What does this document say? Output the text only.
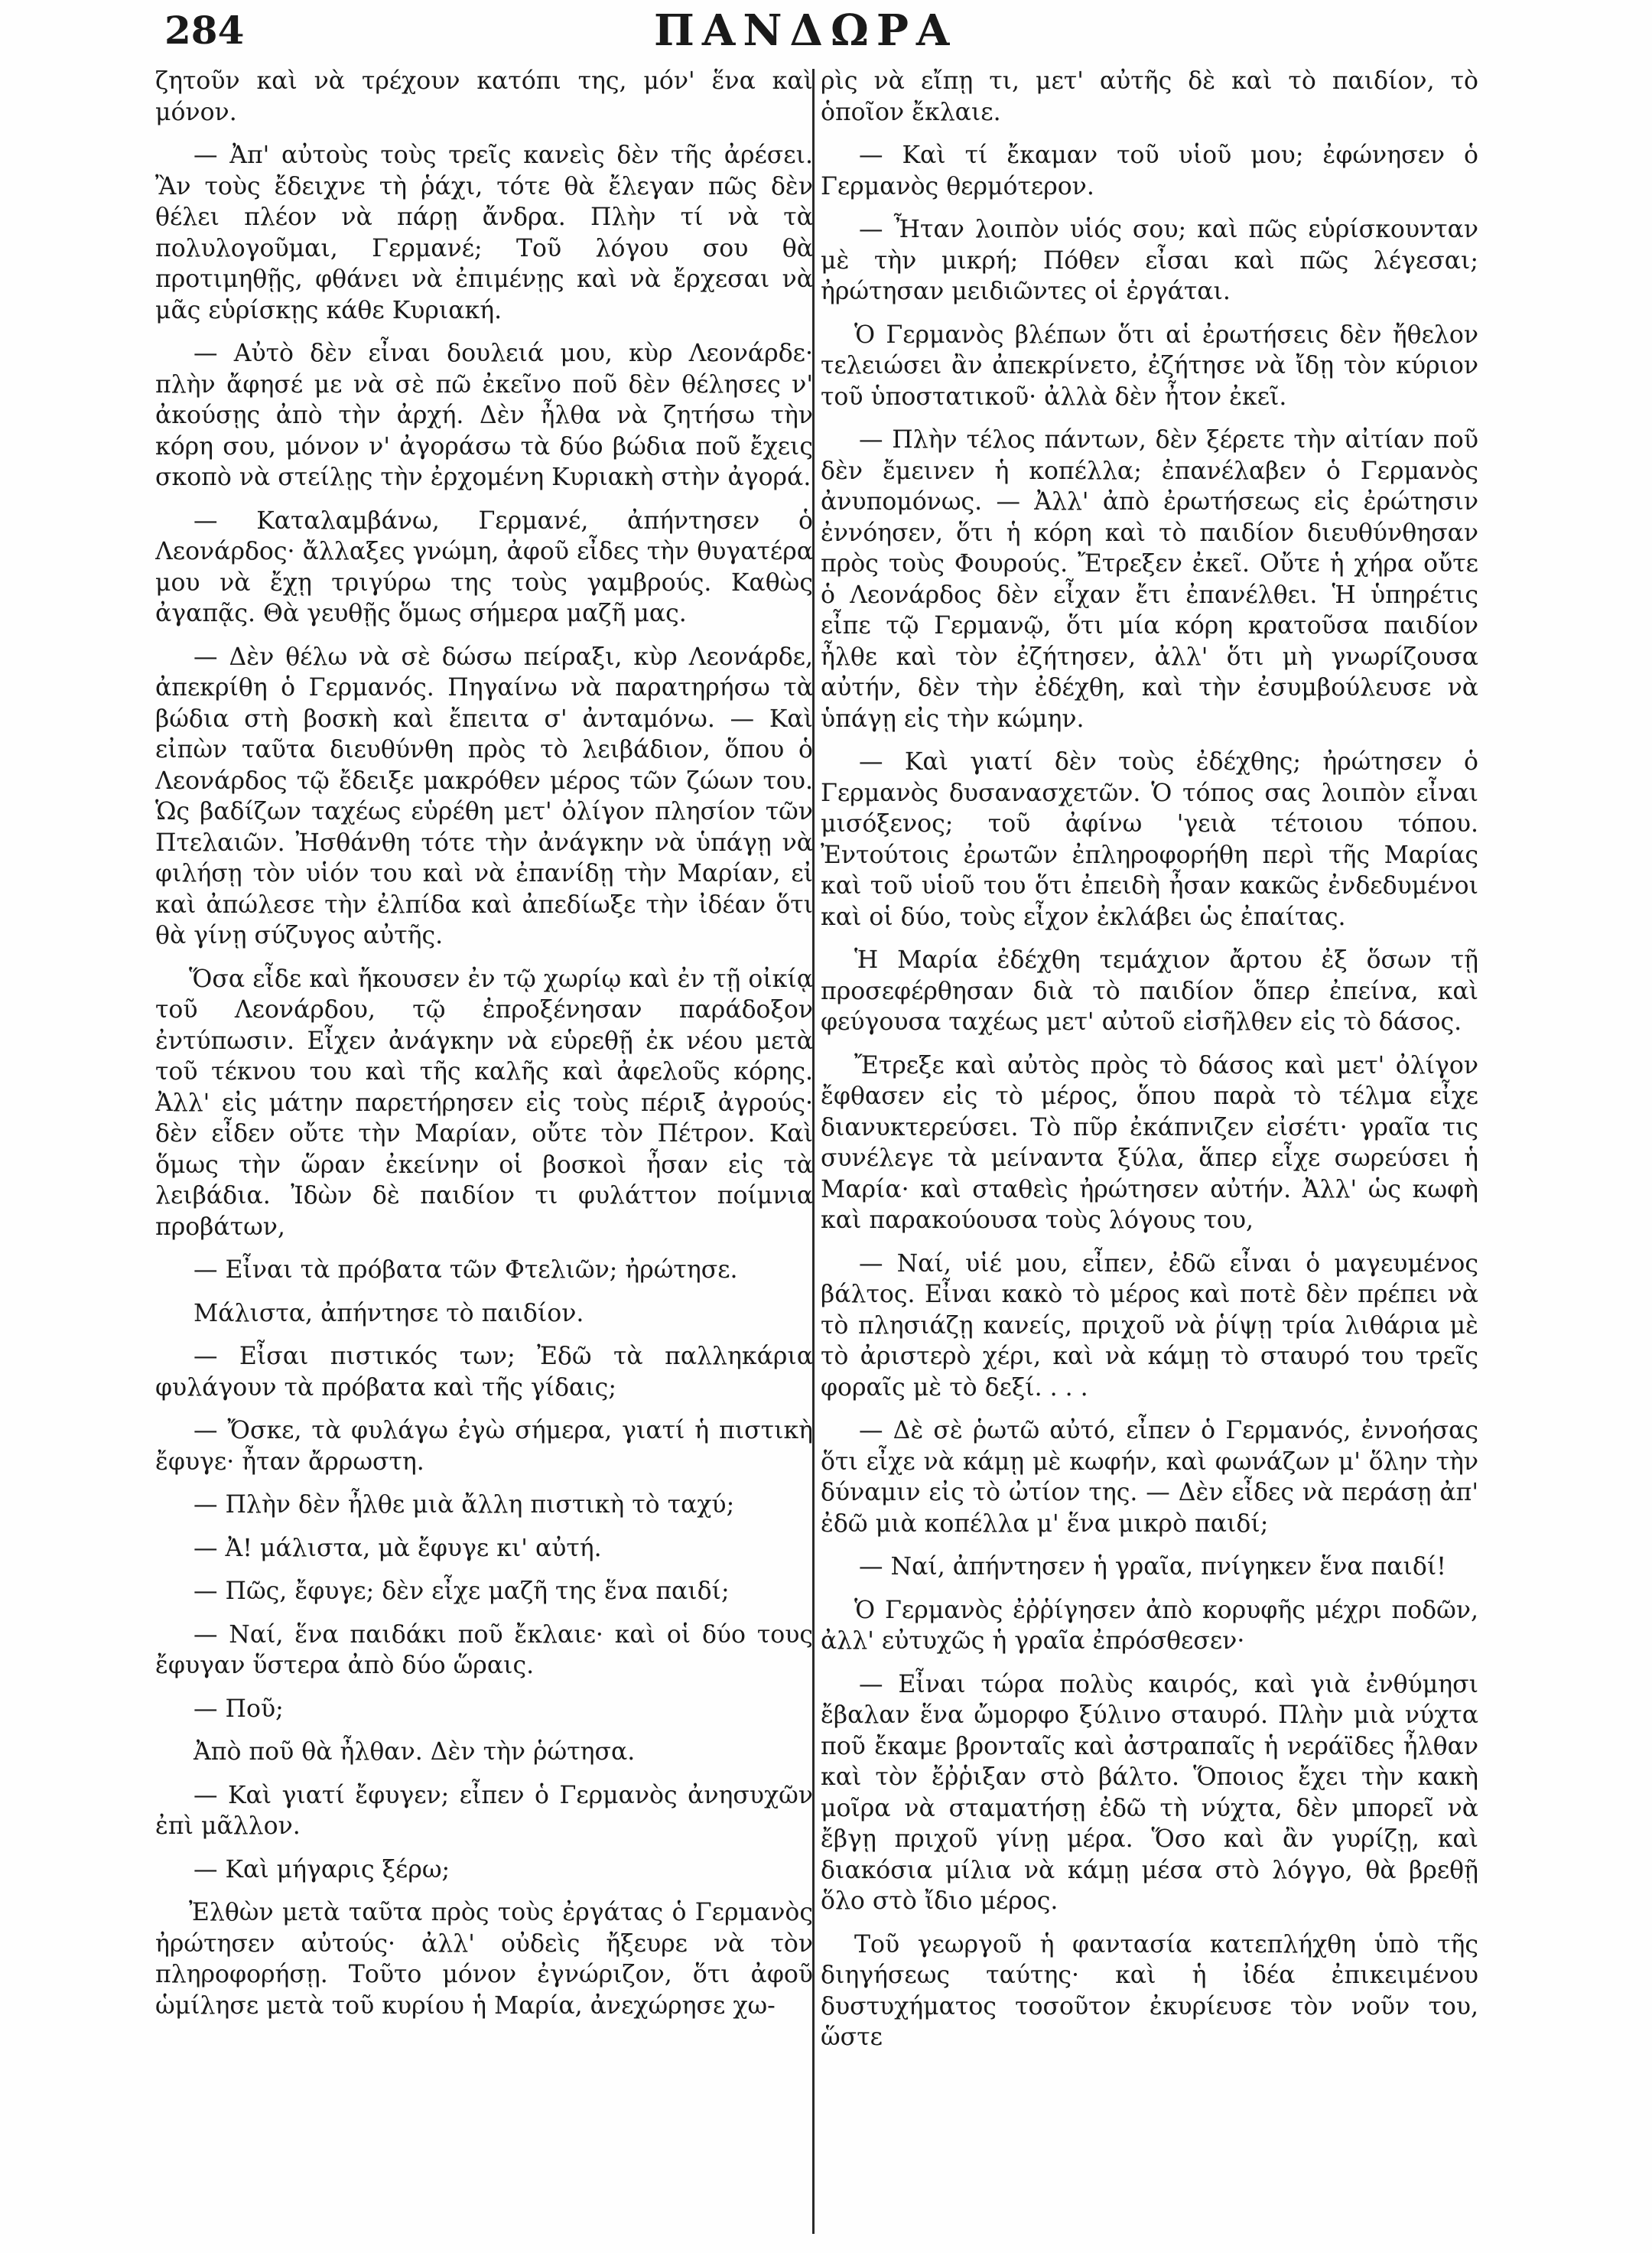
284	ΠΑΝΔΩΡΑ

ζητοῦν καὶ νὰ τρέχουν κατόπι της, μόν' ἕνα καὶ μόνον.

— Ἀπ' αὐτοὺς τοὺς τρεῖς κανεὶς δὲν τῆς ἀρέσει. Ἂν τοὺς ἔδειχνε τὴ ῥάχι, τότε θὰ ἔλεγαν πῶς δὲν θέλει πλέον νὰ πάρῃ ἄνδρα. Πλὴν τί νὰ τὰ πολυλογοῦμαι, Γερμανέ; Τοῦ λόγου σου θὰ προτιμηθῇς, φθάνει νὰ ἐπιμένῃς καὶ νὰ ἔρχεσαι νὰ μᾶς εὑρίσκῃς κάθε Κυριακή.

— Αὐτὸ δὲν εἶναι δουλειά μου, κὺρ Λεονάρδε· πλὴν ἄφησέ με νὰ σὲ πῶ ἐκεῖνο ποῦ δὲν θέλησες ν' ἀκούσῃς ἀπὸ τὴν ἀρχή. Δὲν ἦλθα νὰ ζητήσω τὴν κόρη σου, μόνον ν' ἀγοράσω τὰ δύο βώδια ποῦ ἔχεις σκοπὸ νὰ στείλῃς τὴν ἐρχομένη Κυριακὴ στὴν ἀγορά.

— Καταλαμβάνω, Γερμανέ, ἀπήντησεν ὁ Λεονάρδος· ἄλλαξες γνώμη, ἀφοῦ εἶδες τὴν θυγατέρα μου νὰ ἔχῃ τριγύρω της τοὺς γαμβρούς. Καθὼς ἀγαπᾷς. Θὰ γευθῇς ὅμως σήμερα μαζῆ μας.

— Δὲν θέλω νὰ σὲ δώσω πείραξι, κὺρ Λεονάρδε, ἀπεκρίθη ὁ Γερμανός. Πηγαίνω νὰ παρατηρήσω τὰ βώδια στὴ βοσκὴ καὶ ἔπειτα σ' ἀνταμόνω. — Καὶ εἰπὼν ταῦτα διευθύνθη πρὸς τὸ λειβάδιον, ὅπου ὁ Λεονάρδος τῷ ἔδειξε μακρόθεν μέρος τῶν ζώων του. Ὡς βαδίζων ταχέως εὑρέθη μετ' ὀλίγον πλησίον τῶν Πτελαιῶν. Ἠσθάνθη τότε τὴν ἀνάγκην νὰ ὑπάγῃ νὰ φιλήσῃ τὸν υἱόν του καὶ νὰ ἐπανίδῃ τὴν Μαρίαν, εἰ καὶ ἀπώλεσε τὴν ἐλπίδα καὶ ἀπεδίωξε τὴν ἰδέαν ὅτι θὰ γίνῃ σύζυγος αὐτῆς.

Ὅσα εἶδε καὶ ἤκουσεν ἐν τῷ χωρίῳ καὶ ἐν τῇ οἰκίᾳ τοῦ Λεονάρδου, τῷ ἐπροξένησαν παράδοξον ἐντύπωσιν. Εἶχεν ἀνάγκην νὰ εὑρεθῇ ἐκ νέου μετὰ τοῦ τέκνου του καὶ τῆς καλῆς καὶ ἀφελοῦς κόρης. Ἀλλ' εἰς μάτην παρετήρησεν εἰς τοὺς πέριξ ἀγρούς· δὲν εἶδεν οὔτε τὴν Μαρίαν, οὔτε τὸν Πέτρον. Καὶ ὅμως τὴν ὥραν ἐκείνην οἱ βοσκοὶ ἦσαν εἰς τὰ λειβάδια. Ἰδὼν δὲ παιδίον τι φυλάττον ποίμνια προβάτων,

— Εἶναι τὰ πρόβατα τῶν Φτελιῶν; ἠρώτησε.

Μάλιστα, ἀπήντησε τὸ παιδίον.

— Εἶσαι πιστικός των; Ἐδῶ τὰ παλληκάρια φυλάγουν τὰ πρόβατα καὶ τῆς γίδαις;

— Ὄσκε, τὰ φυλάγω ἐγὼ σήμερα, γιατί ἡ πιστικὴ ἔφυγε· ἦταν ἄρρωστη.

— Πλὴν δὲν ἦλθε μιὰ ἄλλη πιστικὴ τὸ ταχύ;

— Ἀ! μάλιστα, μὰ ἔφυγε κι' αὐτή.

— Πῶς, ἔφυγε; δὲν εἶχε μαζῆ της ἕνα παιδί;

— Ναί, ἕνα παιδάκι ποῦ ἔκλαιε· καὶ οἱ δύο τους ἔφυγαν ὕστερα ἀπὸ δύο ὥραις.

— Ποῦ;

Ἀπὸ ποῦ θὰ ἦλθαν. Δὲν τὴν ῥώτησα.

— Καὶ γιατί ἔφυγεν; εἶπεν ὁ Γερμανὸς ἀνησυχῶν ἐπὶ μᾶλλον.

— Καὶ μήγαρις ξέρω;

Ἐλθὼν μετὰ ταῦτα πρὸς τοὺς ἐργάτας ὁ Γερμανὸς ἠρώτησεν αὐτούς· ἀλλ' οὐδεὶς ἤξευρε νὰ τὸν πληροφορήσῃ. Τοῦτο μόνον ἐγνώριζον, ὅτι ἀφοῦ ὡμίλησε μετὰ τοῦ κυρίου ἡ Μαρία, ἀνεχώρησε χω-

ρὶς νὰ εἴπῃ τι, μετ' αὐτῆς δὲ καὶ τὸ παιδίον, τὸ ὁποῖον ἔκλαιε.

— Καὶ τί ἔκαμαν τοῦ υἱοῦ μου; ἐφώνησεν ὁ Γερμανὸς θερμότερον.

— Ἦταν λοιπὸν υἱός σου; καὶ πῶς εὑρίσκουνταν μὲ τὴν μικρή; Πόθεν εἶσαι καὶ πῶς λέγεσαι; ἠρώτησαν μειδιῶντες οἱ ἐργάται.

Ὁ Γερμανὸς βλέπων ὅτι αἱ ἐρωτήσεις δὲν ἤθελον τελειώσει ἂν ἀπεκρίνετο, ἐζήτησε νὰ ἴδῃ τὸν κύριον τοῦ ὑποστατικοῦ· ἀλλὰ δὲν ἦτον ἐκεῖ.

— Πλὴν τέλος πάντων, δὲν ξέρετε τὴν αἰτίαν ποῦ δὲν ἔμεινεν ἡ κοπέλλα; ἐπανέλαβεν ὁ Γερμανὸς ἀνυπομόνως. — Ἀλλ' ἀπὸ ἐρωτήσεως εἰς ἐρώτησιν ἐννόησεν, ὅτι ἡ κόρη καὶ τὸ παιδίον διευθύνθησαν πρὸς τοὺς Φουρούς. Ἔτρεξεν ἐκεῖ. Οὔτε ἡ χήρα οὔτε ὁ Λεονάρδος δὲν εἶχαν ἔτι ἐπανέλθει. Ἡ ὑπηρέτις εἶπε τῷ Γερμανῷ, ὅτι μία κόρη κρατοῦσα παιδίον ἦλθε καὶ τὸν ἐζήτησεν, ἀλλ' ὅτι μὴ γνωρίζουσα αὐτήν, δὲν τὴν ἐδέχθη, καὶ τὴν ἐσυμβούλευσε νὰ ὑπάγῃ εἰς τὴν κώμην.

— Καὶ γιατί δὲν τοὺς ἐδέχθης; ἠρώτησεν ὁ Γερμανὸς δυσανασχετῶν. Ὁ τόπος σας λοιπὸν εἶναι μισόξενος; τοῦ ἀφίνω 'γειὰ τέτοιου τόπου. Ἐντούτοις ἐρωτῶν ἐπληροφορήθη περὶ τῆς Μαρίας καὶ τοῦ υἱοῦ του ὅτι ἐπειδὴ ἦσαν κακῶς ἐνδεδυμένοι καὶ οἱ δύο, τοὺς εἶχον ἐκλάβει ὡς ἐπαίτας.

Ἡ Μαρία ἐδέχθη τεμάχιον ἄρτου ἐξ ὅσων τῇ προσεφέρθησαν διὰ τὸ παιδίον ὅπερ ἐπείνα, καὶ φεύγουσα ταχέως μετ' αὐτοῦ εἰσῆλθεν εἰς τὸ δάσος.

Ἔτρεξε καὶ αὐτὸς πρὸς τὸ δάσος καὶ μετ' ὀλίγον ἔφθασεν εἰς τὸ μέρος, ὅπου παρὰ τὸ τέλμα εἶχε διανυκτερεύσει. Τὸ πῦρ ἐκάπνιζεν εἰσέτι· γραῖα τις συνέλεγε τὰ μείναντα ξύλα, ἅπερ εἶχε σωρεύσει ἡ Μαρία· καὶ σταθεὶς ἠρώτησεν αὐτήν. Ἀλλ' ὡς κωφὴ καὶ παρακούουσα τοὺς λόγους του,

— Ναί, υἱέ μου, εἶπεν, ἐδῶ εἶναι ὁ μαγευμένος βάλτος. Εἶναι κακὸ τὸ μέρος καὶ ποτὲ δὲν πρέπει νὰ τὸ πλησιάζῃ κανείς, πριχοῦ νὰ ῥίψῃ τρία λιθάρια μὲ τὸ ἀριστερὸ χέρι, καὶ νὰ κάμῃ τὸ σταυρό του τρεῖς φοραῖς μὲ τὸ δεξί. . . .

— Δὲ σὲ ῥωτῶ αὐτό, εἶπεν ὁ Γερμανός, ἐννοήσας ὅτι εἶχε νὰ κάμῃ μὲ κωφήν, καὶ φωνάζων μ' ὅλην τὴν δύναμιν εἰς τὸ ὠτίον της. — Δὲν εἶδες νὰ περάσῃ ἀπ' ἐδῶ μιὰ κοπέλλα μ' ἕνα μικρὸ παιδί;

— Ναί, ἀπήντησεν ἡ γραῖα, πνίγηκεν ἕνα παιδί!

Ὁ Γερμανὸς ἐῤῥίγησεν ἀπὸ κορυφῆς μέχρι ποδῶν, ἀλλ' εὐτυχῶς ἡ γραῖα ἐπρόσθεσεν·

— Εἶναι τώρα πολὺς καιρός, καὶ γιὰ ἐνθύμησι ἔβαλαν ἕνα ὤμορφο ξύλινο σταυρό. Πλὴν μιὰ νύχτα ποῦ ἔκαμε βρονταῖς καὶ ἀστραπαῖς ἡ νεράϊδες ἦλθαν καὶ τὸν ἔῤῥιξαν στὸ βάλτο. Ὅποιος ἔχει τὴν κακὴ μοῖρα νὰ σταματήσῃ ἐδῶ τὴ νύχτα, δὲν μπορεῖ νὰ ἔβγῃ πριχοῦ γίνῃ μέρα. Ὅσο καὶ ἂν γυρίζῃ, καὶ διακόσια μίλια νὰ κάμῃ μέσα στὸ λόγγο, θὰ βρεθῇ ὅλο στὸ ἴδιο μέρος.

Τοῦ γεωργοῦ ἡ φαντασία κατεπλήχθη ὑπὸ τῆς διηγήσεως ταύτης· καὶ ἡ ἰδέα ἐπικειμένου δυστυχήματος τοσοῦτον ἐκυρίευσε τὸν νοῦν του, ὥστε
